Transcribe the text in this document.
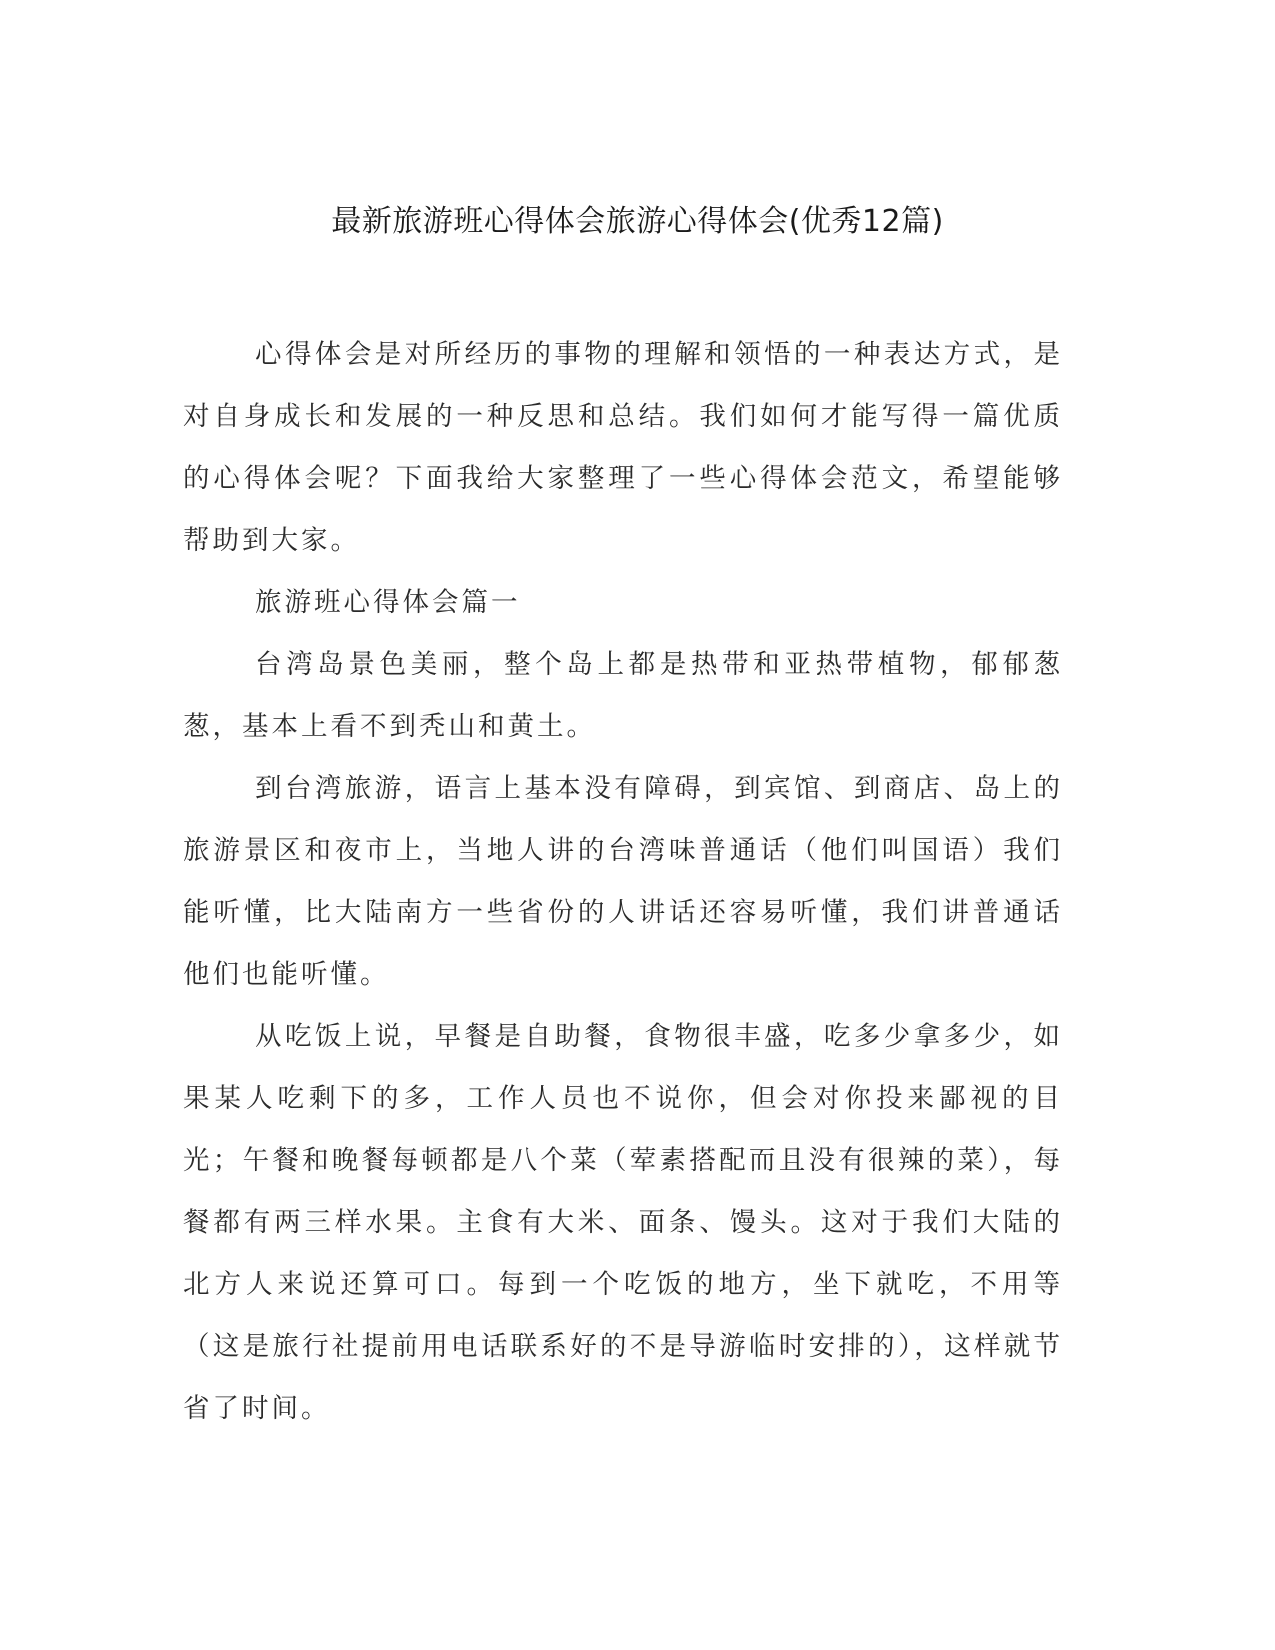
最新旅游班心得体会旅游心得体会(优秀12篇)

心得体会是对所经历的事物的理解和领悟的一种表达方式，是对自身成长和发展的一种反思和总结。我们如何才能写得一篇优质的心得体会呢？下面我给大家整理了一些心得体会范文，希望能够帮助到大家。

旅游班心得体会篇一

台湾岛景色美丽，整个岛上都是热带和亚热带植物，郁郁葱葱，基本上看不到秃山和黄土。

到台湾旅游，语言上基本没有障碍，到宾馆、到商店、岛上的旅游景区和夜市上，当地人讲的台湾味普通话（他们叫国语）我们能听懂，比大陆南方一些省份的人讲话还容易听懂，我们讲普通话他们也能听懂。

从吃饭上说，早餐是自助餐，食物很丰盛，吃多少拿多少，如果某人吃剩下的多，工作人员也不说你，但会对你投来鄙视的目光；午餐和晚餐每顿都是八个菜（荤素搭配而且没有很辣的菜），每餐都有两三样水果。主食有大米、面条、馒头。这对于我们大陆的北方人来说还算可口。每到一个吃饭的地方，坐下就吃，不用等（这是旅行社提前用电话联系好的不是导游临时安排的），这样就节省了时间。
